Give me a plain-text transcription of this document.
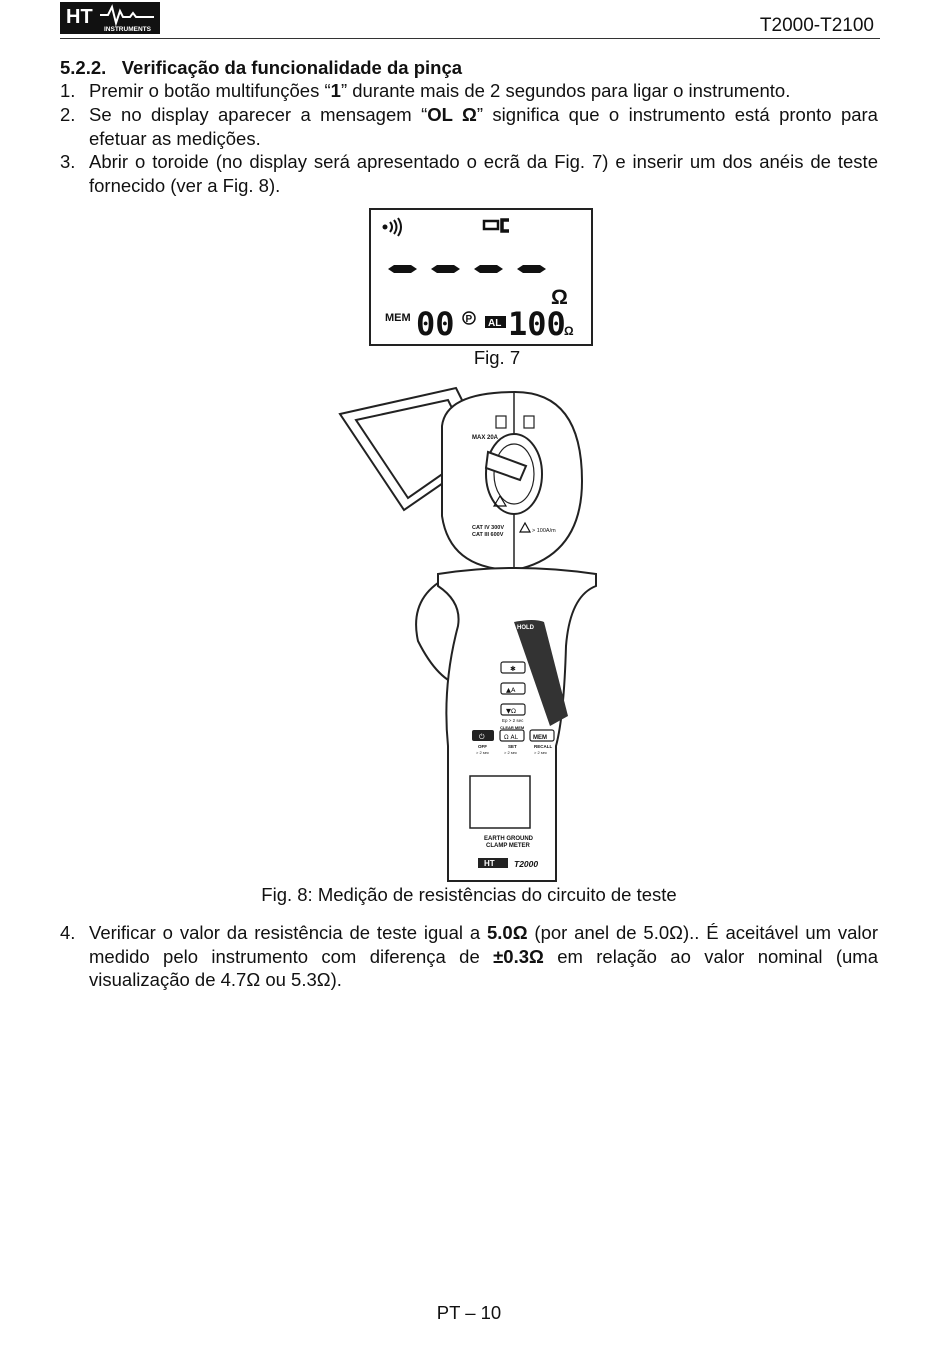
HT
INSTRUMENTS	T2000-T2100
5.2.2. Verificação da funcionalidade da pinça
1. Premir o botão multifunções “1” durante mais de 2 segundos para ligar o instrumento.
2. Se no display aparecer a mensagem “OL Ω” significa que o instrumento está pronto para efetuar as medições.
3. Abrir o toroide (no display será apresentado o ecrã da Fig. 7) e inserir um dos anéis de teste fornecido (ver a Fig. 8).
Ω
MEM 00 P AL 100
Ω
Fig. 7
MAX 20A
CAT IV 300V
CAT III 600V
> 100A/m
HOLD
✱
▲A
▼Ω
Ep > 2 sec
CLEAR MEM
⏻	Ω AL	MEM
OFF
> 2 sec
SET
> 2 sec
RECALL
> 2 sec
EARTH GROUND
CLAMP METER
HT T2000
Fig. 8: Medição de resistências do circuito de teste
4. Verificar o valor da resistência de teste igual a 5.0Ω (por anel de 5.0Ω).. É aceitável um valor medido pelo instrumento com diferença de ±0.3Ω em relação ao valor nominal (uma visualização de 4.7Ω ou 5.3Ω).
PT – 10
